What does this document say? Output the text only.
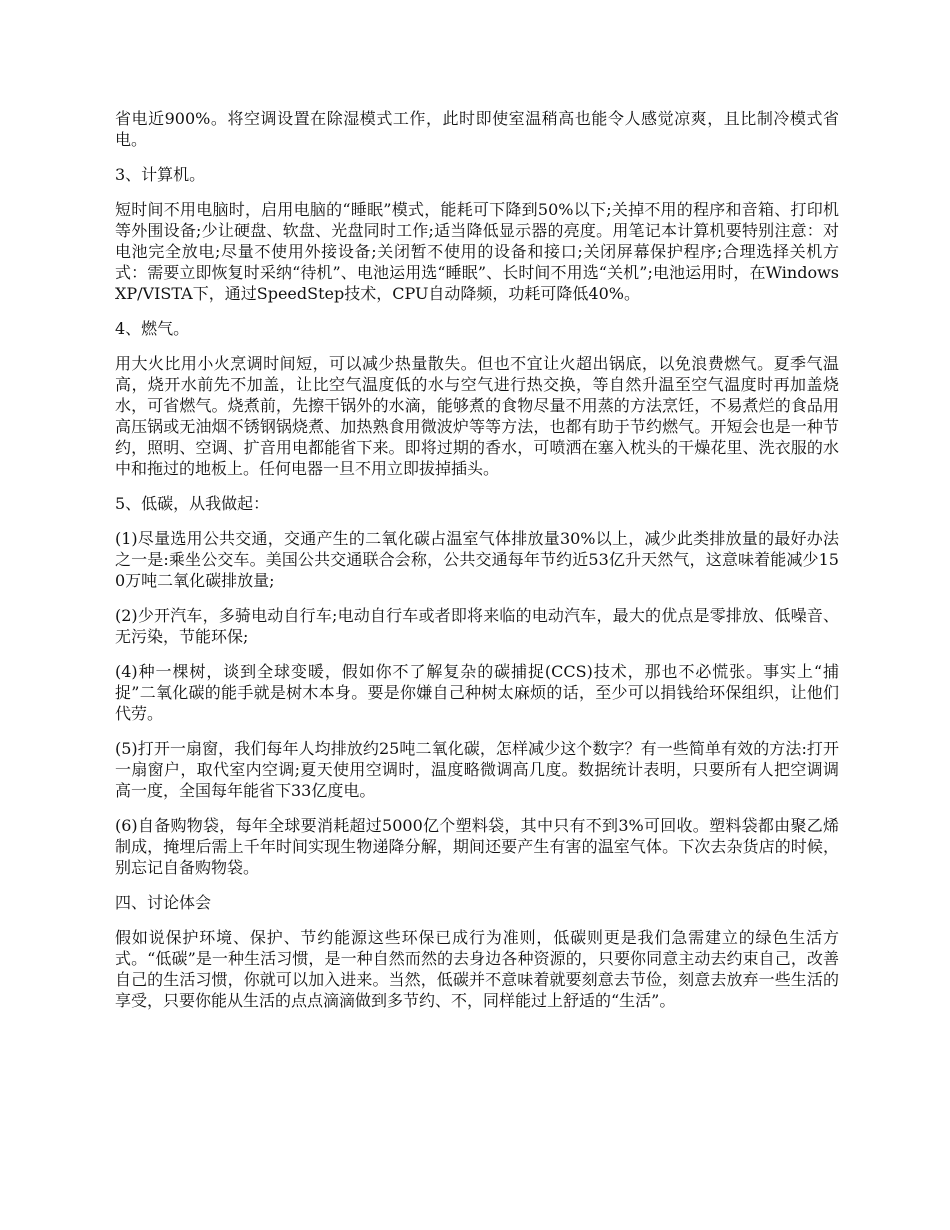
省电近900%。将空调设置在除湿模式工作，此时即使室温稍高也能令人感觉凉爽，且比制冷模式省电。

3、计算机。

短时间不用电脑时，启用电脑的“睡眠”模式，能耗可下降到50%以下;关掉不用的程序和音箱、打印机等外围设备;少让硬盘、软盘、光盘同时工作;适当降低显示器的亮度。用笔记本计算机要特别注意：对电池完全放电;尽量不使用外接设备;关闭暂不使用的设备和接口;关闭屏幕保护程序;合理选择关机方式：需要立即恢复时采纳“待机”、电池运用选“睡眠”、长时间不用选“关机”;电池运用时，在WindowsXP/VISTA下，通过SpeedStep技术，CPU自动降频，功耗可降低40%。

4、燃气。

用大火比用小火烹调时间短，可以减少热量散失。但也不宜让火超出锅底，以免浪费燃气。夏季气温高，烧开水前先不加盖，让比空气温度低的水与空气进行热交换，等自然升温至空气温度时再加盖烧水，可省燃气。烧煮前，先擦干锅外的水滴，能够煮的食物尽量不用蒸的方法烹饪，不易煮烂的食品用高压锅或无油烟不锈钢锅烧煮、加热熟食用微波炉等等方法，也都有助于节约燃气。开短会也是一种节约，照明、空调、扩音用电都能省下来。即将过期的香水，可喷洒在塞入枕头的干燥花里、洗衣服的水中和拖过的地板上。任何电器一旦不用立即拔掉插头。

5、低碳，从我做起：

(1)尽量选用公共交通，交通产生的二氧化碳占温室气体排放量30%以上，减少此类排放量的最好办法之一是:乘坐公交车。美国公共交通联合会称，公共交通每年节约近53亿升天然气，这意味着能减少150万吨二氧化碳排放量;

(2)少开汽车，多骑电动自行车;电动自行车或者即将来临的电动汽车，最大的优点是零排放、低噪音、无污染，节能环保;

(4)种一棵树，谈到全球变暖，假如你不了解复杂的碳捕捉(CCS)技术，那也不必慌张。事实上“捕捉”二氧化碳的能手就是树木本身。要是你嫌自己种树太麻烦的话，至少可以捐钱给环保组织，让他们代劳。

(5)打开一扇窗，我们每年人均排放约25吨二氧化碳，怎样减少这个数字？有一些简单有效的方法:打开一扇窗户，取代室内空调;夏天使用空调时，温度略微调高几度。数据统计表明，只要所有人把空调调高一度，全国每年能省下33亿度电。

(6)自备购物袋，每年全球要消耗超过5000亿个塑料袋，其中只有不到3%可回收。塑料袋都由聚乙烯制成，掩埋后需上千年时间实现生物递降分解，期间还要产生有害的温室气体。下次去杂货店的时候，别忘记自备购物袋。

四、讨论体会

假如说保护环境、保护、节约能源这些环保已成行为准则，低碳则更是我们急需建立的绿色生活方式。“低碳”是一种生活习惯，是一种自然而然的去身边各种资源的，只要你同意主动去约束自己，改善自己的生活习惯，你就可以加入进来。当然，低碳并不意味着就要刻意去节俭，刻意去放弃一些生活的享受，只要你能从生活的点点滴滴做到多节约、不，同样能过上舒适的“生活”。
